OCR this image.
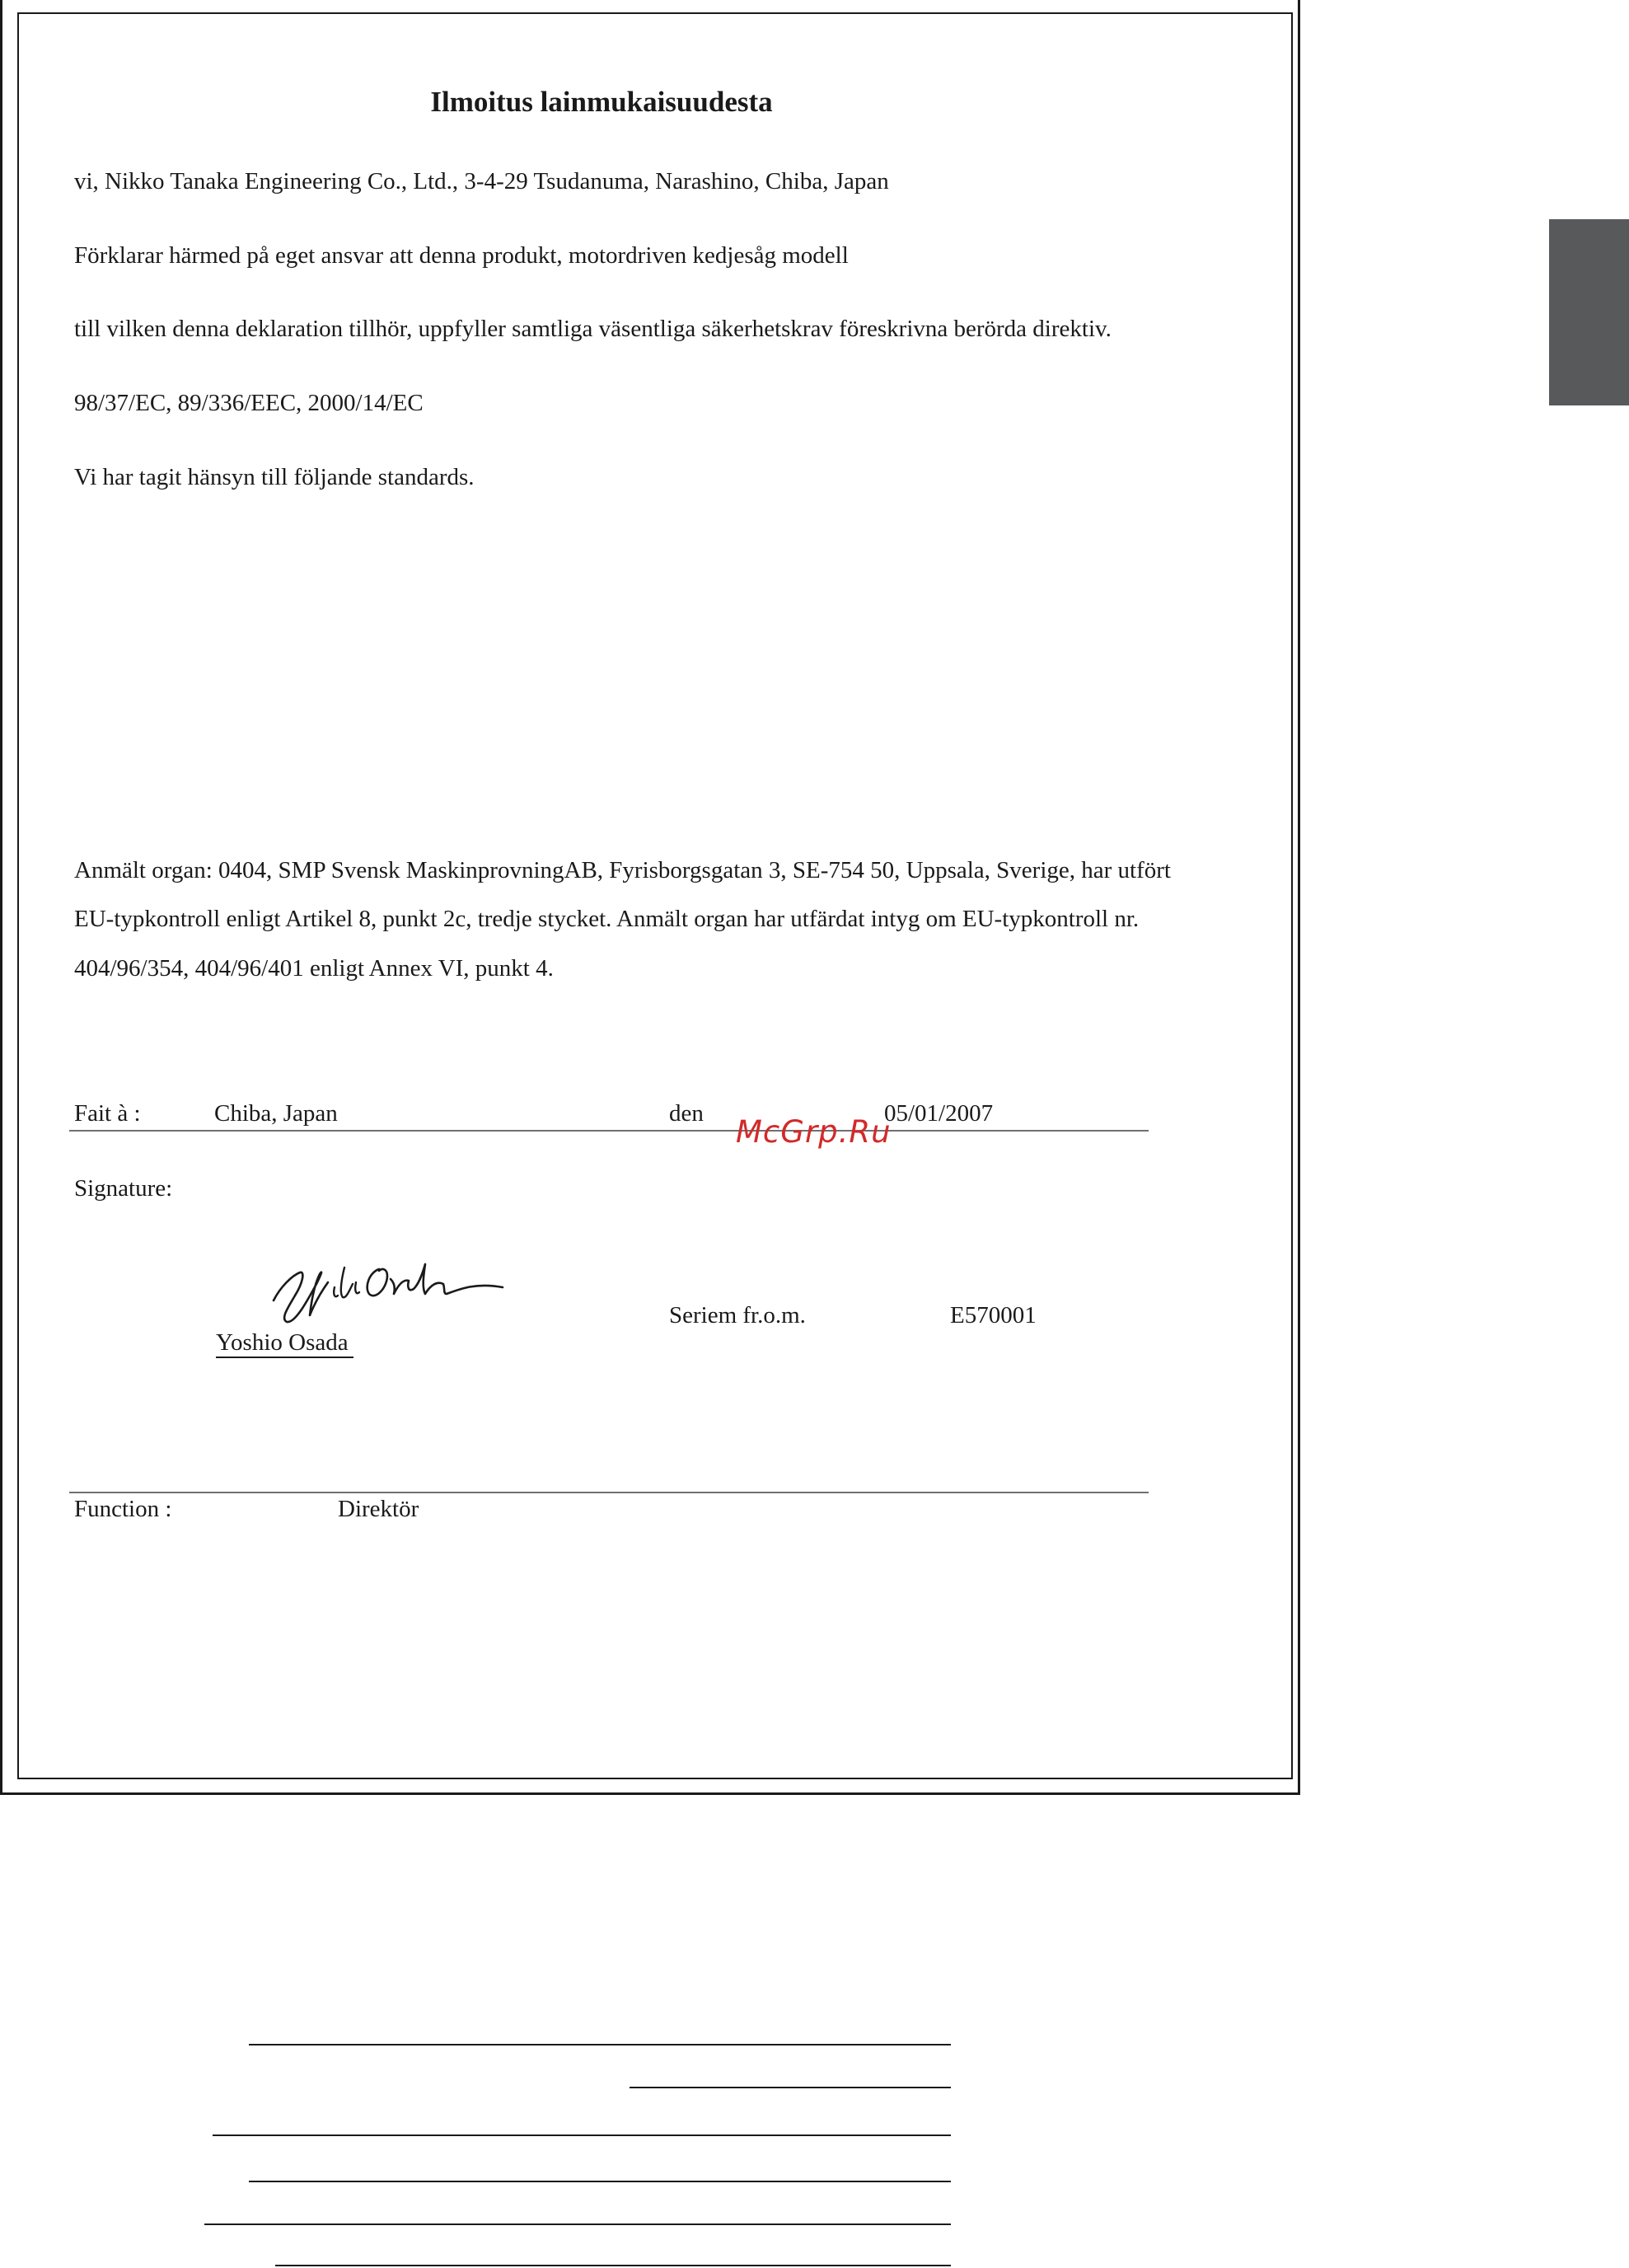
Ilmoitus lainmukaisuudesta

vi, Nikko Tanaka Engineering Co., Ltd., 3-4-29 Tsudanuma, Narashino, Chiba, Japan

Förklarar härmed på eget ansvar att denna produkt, motordriven kedjesåg modell

till vilken denna deklaration tillhör, uppfyller samtliga väsentliga säkerhetskrav föreskrivna berörda direktiv.

98/37/EC, 89/336/EEC, 2000/14/EC

Vi har tagit hänsyn till följande standards.

Anmält organ: 0404, SMP Svensk MaskinprovningAB, Fyrisborgsgatan 3, SE-754 50, Uppsala, Sverige, har utfört

EU-typkontroll enligt Artikel 8, punkt 2c, tredje stycket. Anmält organ har utfärdat intyg om EU-typkontroll nr.

404/96/354, 404/96/401 enligt Annex VI, punkt 4.

Fait à :	Chiba, Japan	den	05/01/2007
McGrp.Ru
Signature:
Yoshio Osada
Seriem fr.o.m.	E570001
Function :	Direktör
